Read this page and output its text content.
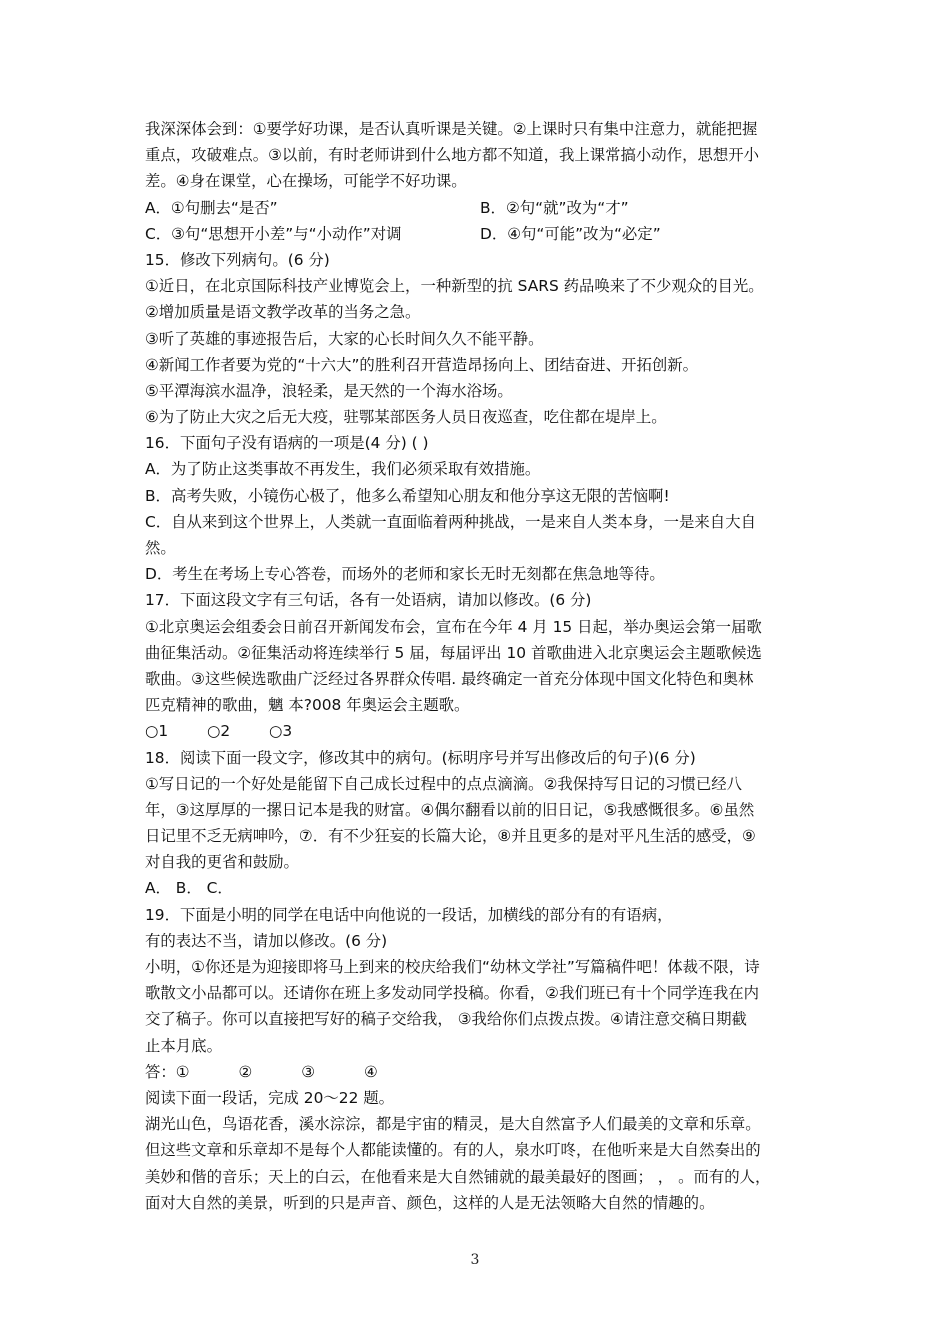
我深深体会到：①要学好功课，是否认真听课是关键。②上课时只有集中注意力，就能把握
重点，攻破难点。③以前，有时老师讲到什么地方都不知道，我上课常搞小动作，思想开小
差。④身在课堂，心在操场，可能学不好功课。
A．①句删去“是否”	B．②句“就”改为“才”
C．③句“思想开小差”与“小动作”对调	D．④句“可能”改为“必定”
15．修改下列病句。(6 分)
①近日，在北京国际科技产业博览会上，一种新型的抗 SARS 药品唤来了不少观众的目光。
②增加质量是语文教学改革的当务之急。
③听了英雄的事迹报告后，大家的心长时间久久不能平静。
④新闻工作者要为党的“十六大”的胜利召开营造昂扬向上、团结奋进、开拓创新。
⑤平潭海滨水温净，浪轻柔，是天然的一个海水浴场。
⑥为了防止大灾之后无大疫，驻鄂某部医务人员日夜巡查，吃住都在堤岸上。
16．下面句子没有语病的一项是(4 分) ( )
A．为了防止这类事故不再发生，我们必须采取有效措施。
B．高考失败，小镜伤心极了，他多么希望知心朋友和他分享这无限的苦恼啊!
C．自从来到这个世界上，人类就一直面临着两种挑战，一是来自人类本身，一是来自大自
然。
D．考生在考场上专心答卷，而场外的老师和家长无时无刻都在焦急地等待。
17．下面这段文字有三句话，各有一处语病，请加以修改。(6 分)
①北京奥运会组委会日前召开新闻发布会，宣布在今年 4 月 15 日起，举办奥运会第一届歌
曲征集活动。②征集活动将连续举行 5 届，每届评出 10 首歌曲进入北京奥运会主题歌候选
歌曲。③这些候选歌曲广泛经过各界群众传唱. 最终确定一首充分体现中国文化特色和奥林
匹克精神的歌曲，魑 本?008 年奥运会主题歌。
○1	○2	○3
18．阅读下面一段文字，修改其中的病句。(标明序号并写出修改后的句子)(6 分)
①写日记的一个好处是能留下自己成长过程中的点点滴滴。②我保持写日记的习惯已经八
年，③这厚厚的一摞日记本是我的财富。④偶尔翻看以前的旧日记，⑤我感慨很多。⑥虽然
日记里不乏无病呻吟，⑦．有不少狂妄的长篇大论，⑧并且更多的是对平凡生活的感受，⑨
对自我的更省和鼓励。
A． B． C．
19．下面是小明的同学在电话中向他说的一段话，加横线的部分有的有语病，
有的表达不当，请加以修改。(6 分)
小明，①你还是为迎接即将马上到来的校庆给我们“幼林文学社”写篇稿件吧！体裁不限，诗
歌散文小品都可以。还请你在班上多发动同学投稿。你看，②我们班已有十个同学连我在内
交了稿子。你可以直接把写好的稿子交给我， ③我给你们点拨点拨。④请注意交稿日期截
止本月底。
答：①          ②          ③          ④
阅读下面一段话，完成 20～22 题。
湖光山色，鸟语花香，溪水淙淙，都是宇宙的精灵，是大自然富予人们最美的文章和乐章。
但这些文章和乐章却不是每个人都能读懂的。有的人，泉水叮咚，在他听来是大自然奏出的
美妙和偕的音乐；天上的白云，在他看来是大自然铺就的最美最好的图画； ， 。而有的人，
面对大自然的美景，听到的只是声音、颜色，这样的人是无法领略大自然的情趣的。
3
